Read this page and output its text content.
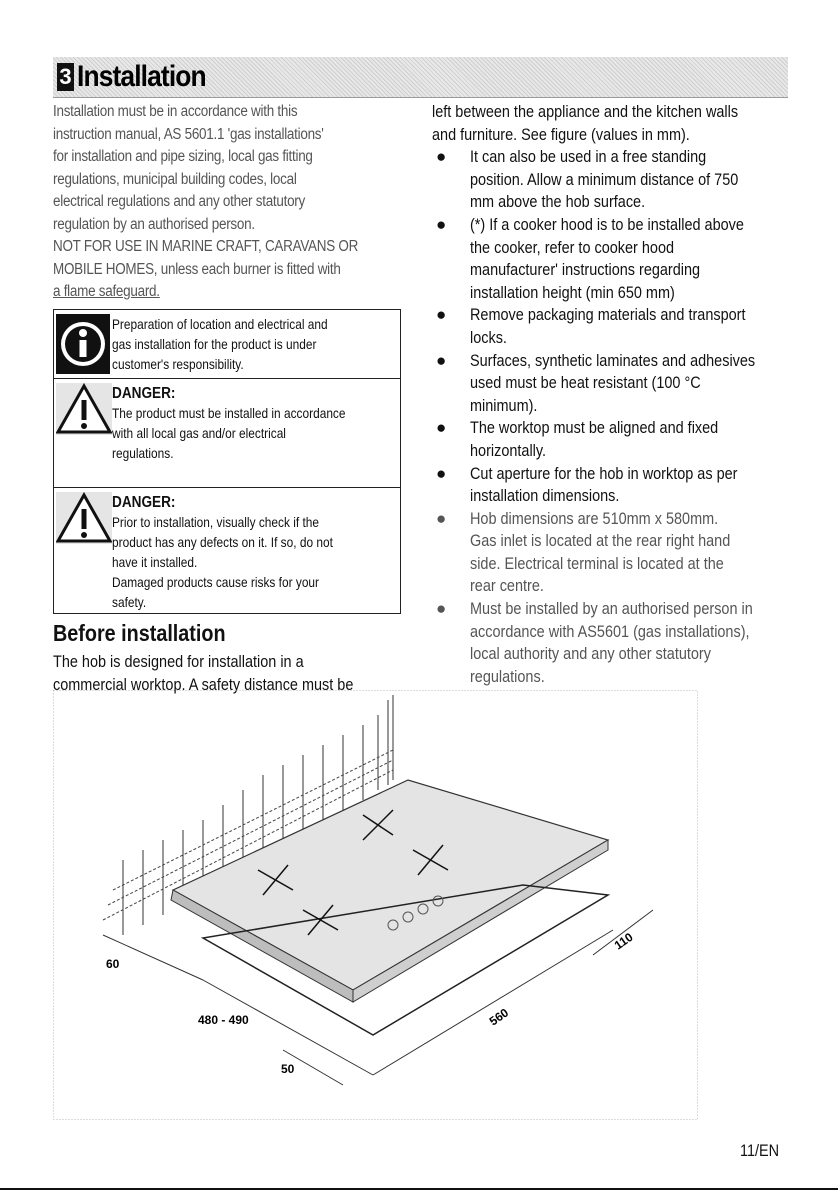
3 Installation

Installation must be in accordance with this

instruction manual, AS 5601.1 'gas installations'

for installation and pipe sizing, local gas fitting

regulations, municipal building codes, local

electrical regulations and any other statutory

regulation by an authorised person.

NOT FOR USE IN MARINE CRAFT, CARAVANS OR

MOBILE HOMES, unless each burner is fitted with

a flame safeguard.

Preparation of location and electrical and
gas installation for the product is under
customer's responsibility.
DANGER:
The product must be installed in accordance
with all local gas and/or electrical
regulations.
DANGER:
Prior to installation, visually check if the
product has any defects on it. If so, do not
have it installed.
Damaged products cause risks for your
safety.
Before installation

The hob is designed for installation in a

commercial worktop. A safety distance must be

left between the appliance and the kitchen walls

and furniture. See figure (values in mm).

● It can also be used in a free standing
position. Allow a minimum distance of 750
mm above the hob surface.
● (*) If a cooker hood is to be installed above
the cooker, refer to cooker hood
manufacturer' instructions regarding
installation height (min 650 mm)
● Remove packaging materials and transport
locks.
● Surfaces, synthetic laminates and adhesives
used must be heat resistant (100 °C
minimum).
● The worktop must be aligned and fixed
horizontally.
● Cut aperture for the hob in worktop as per
installation dimensions.
● Hob dimensions are 510mm x 580mm.
Gas inlet is located at the rear right hand
side. Electrical terminal is located at the
rear centre.
● Must be installed by an authorised person in
accordance with AS5601 (gas installations),
local authority and any other statutory
regulations.
60
480 - 490
50
560
110
11/EN
